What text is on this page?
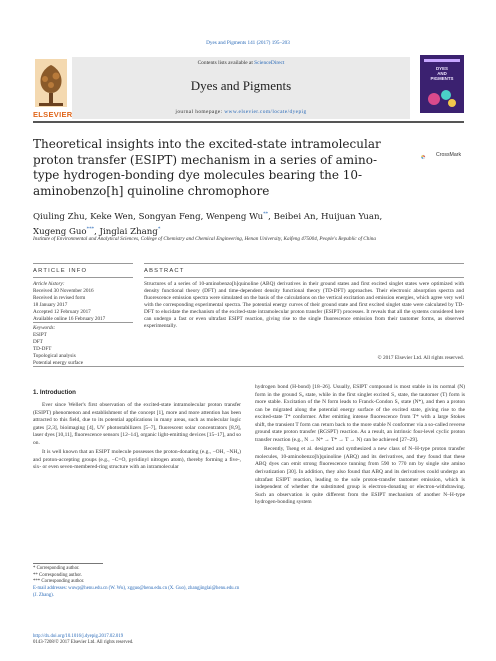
Dyes and Pigments 141 (2017) 195–203
ELSEVIER
Contents lists available at ScienceDirect
Dyes and Pigments
journal homepage: www.elsevier.com/locate/dyepig
DYES
AND
PIGMENTS
Theoretical insights into the excited-state intramolecular proton transfer (ESIPT) mechanism in a series of amino-type hydrogen-bonding dye molecules bearing the 10-aminobenzo[h] quinoline chromophore
CrossMark
Qiuling Zhu, Keke Wen, Songyan Feng, Wenpeng Wu**, Beibei An, Huijuan Yuan,
Xugeng Guo***, Jinglai Zhang*
Institute of Environmental and Analytical Sciences, College of Chemistry and Chemical Engineering, Henan University, Kaifeng 475004, People's Republic of China
ARTICLE INFO	ABSTRACT
Article history:
Received 30 November 2016
Received in revised form
18 January 2017
Accepted 12 February 2017
Available online 16 February 2017
Keywords:
ESIPT
DFT
TD-DFT
Topological analysis
Potential energy surface
Structures of a series of 10-aminobenzo[h]quinoline (ABQ) derivatives in their ground states and first excited singlet states were optimized with density functional theory (DFT) and time-dependent density functional theory (TD-DFT) approaches. Their electronic absorption spectra and fluorescence emission spectra were simulated on the basis of the calculations on the vertical excitation and emission energies, which agree very well with the corresponding experimental spectra. The potential energy curves of their ground state and first excited singlet state were calculated by TD-DFT to elucidate the mechanism of the excited-state intramolecular proton transfer (ESIPT) processes. It reveals that all the systems considered here can undergo a fast or even ultrafast ESIPT reaction, giving rise to the single fluorescence emission from their tautomer forms, as observed experimentally.
© 2017 Elsevier Ltd. All rights reserved.
1. Introduction

Ever since Weller's first observation of the excited-state intramolecular proton transfer (ESIPT) phenomenon and establishment of the concept [1], more and more attention has been attracted to this field, due to its potential applications in many areas, such as molecular logic gates [2,3], bioimaging [4], UV photostabilizers [5–7], fluorescent solar concentrators [8,9], laser dyes [10,11], fluorescence sensors [12–14], organic light-emitting devices [15–17], and so on.

It is well known that an ESIPT molecule possesses the proton-donating (e.g., −OH, −NH₂) and proton-accepting groups (e.g., −C=O, pyridinyl nitrogen atom), thereby forming a five-, six- or even seven-membered-ring structure with an intramolecular

hydrogen bond (H-bond) [18–26]. Usually, ESIPT compound is most stable in its normal (N) form in the ground S₀ state, while in the first singlet excited S₁ state, the tautomer (T) form is more stable. Excitation of the N form leads to Franck-Condon S₁ state (N*), and then a proton can be migrated along the potential energy surface of the excited state, giving rise to the excited-state T* conformer. After emitting intense fluorescence from T* with a large Stokes shift, the transient T form can return back to the more stable N conformer via a so-called reverse ground state proton transfer (RGSPT) reaction. As a result, an intrinsic four-level cyclic proton transfer reaction (e.g., N → N* → T* → T → N) can be achieved [27–29].

Recently, Tseng et al. designed and synthesized a new class of N–H-type proton transfer molecules, 10-aminobenzo[h]quinoline (ABQ) and its derivatives, and they found that these ABQ dyes can emit strong fluorescence tunning from 590 to 770 nm by single site amino derivatization [30]. In addition, they also found that ABQ and its derivatives could undergo an ultrafast ESIPT reaction, leading to the sole proton-transfer tautomer emission, which is independent of whether the substituted group is electron-donating or electron-withdrawing. Such an observation is quite different from the ESIPT mechanism of another N–H-type hydrogen-bonding system

* Corresponding author.
** Corresponding author.
*** Corresponding author.
E-mail addresses: wuwp@henu.edu.cn (W. Wu), xgguo@henu.edu.cn (X. Guo), zhangjinglai@henu.edu.cn (J. Zhang).
http://dx.doi.org/10.1016/j.dyepig.2017.02.019
0143-7208/© 2017 Elsevier Ltd. All rights reserved.
